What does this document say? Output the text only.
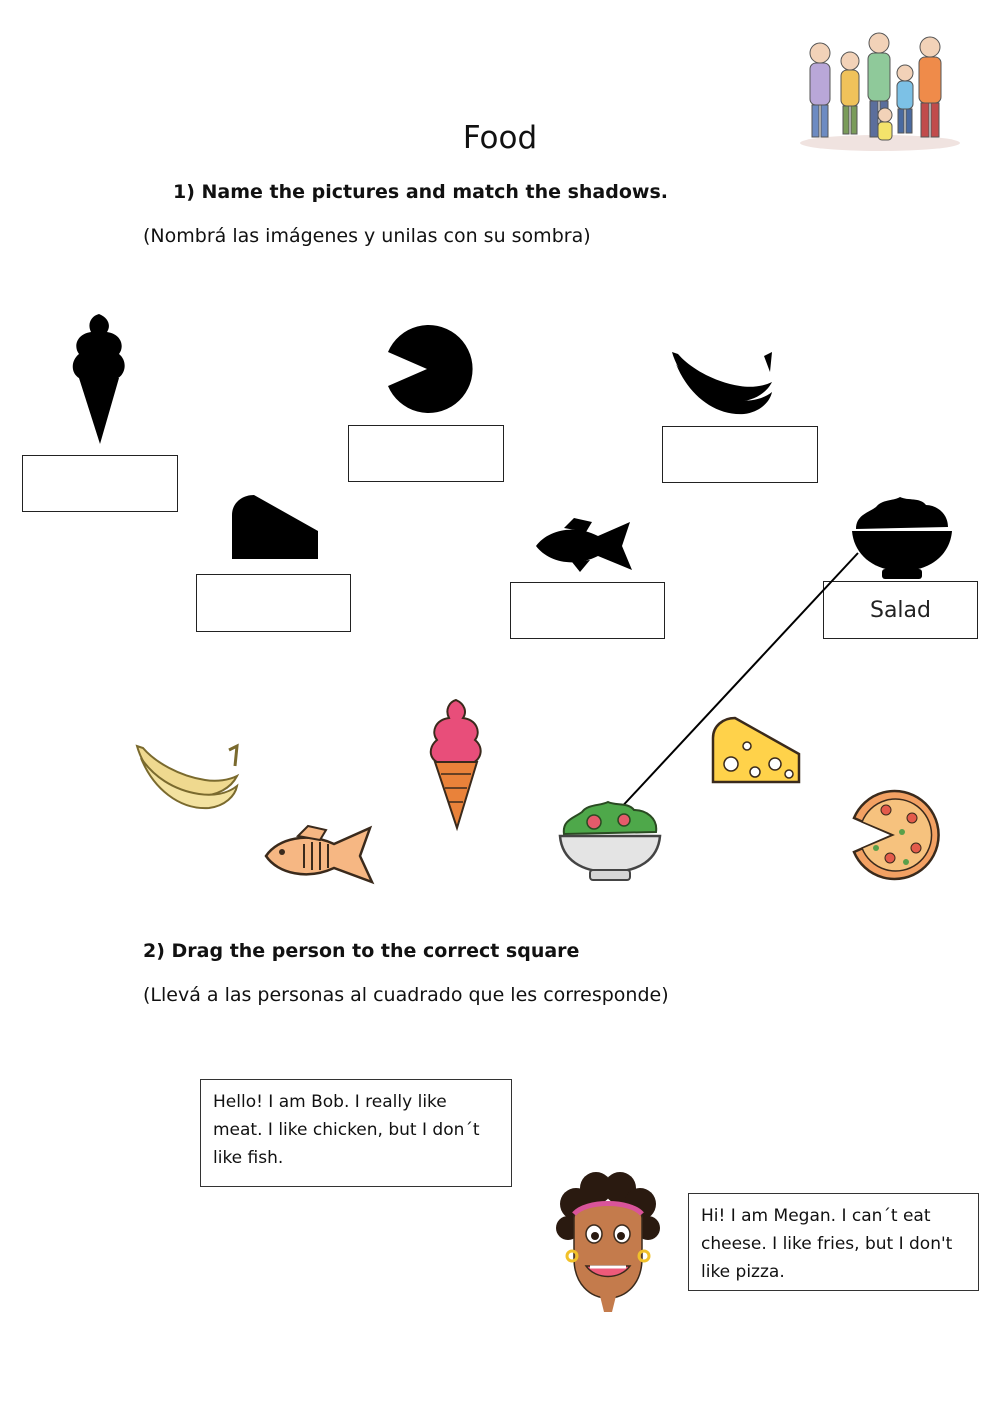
Food
1) Name the pictures and match the shadows.
(Nombrá las imágenes y unilas con su sombra)
Salad
2) Drag the person to the correct square
(Llevá a las personas al cuadrado que les corresponde)
Hello! I am Bob. I really like meat. I like chicken, but I don´t like fish.
Hi! I am Megan. I can´t eat cheese. I like fries, but I don't like pizza.
